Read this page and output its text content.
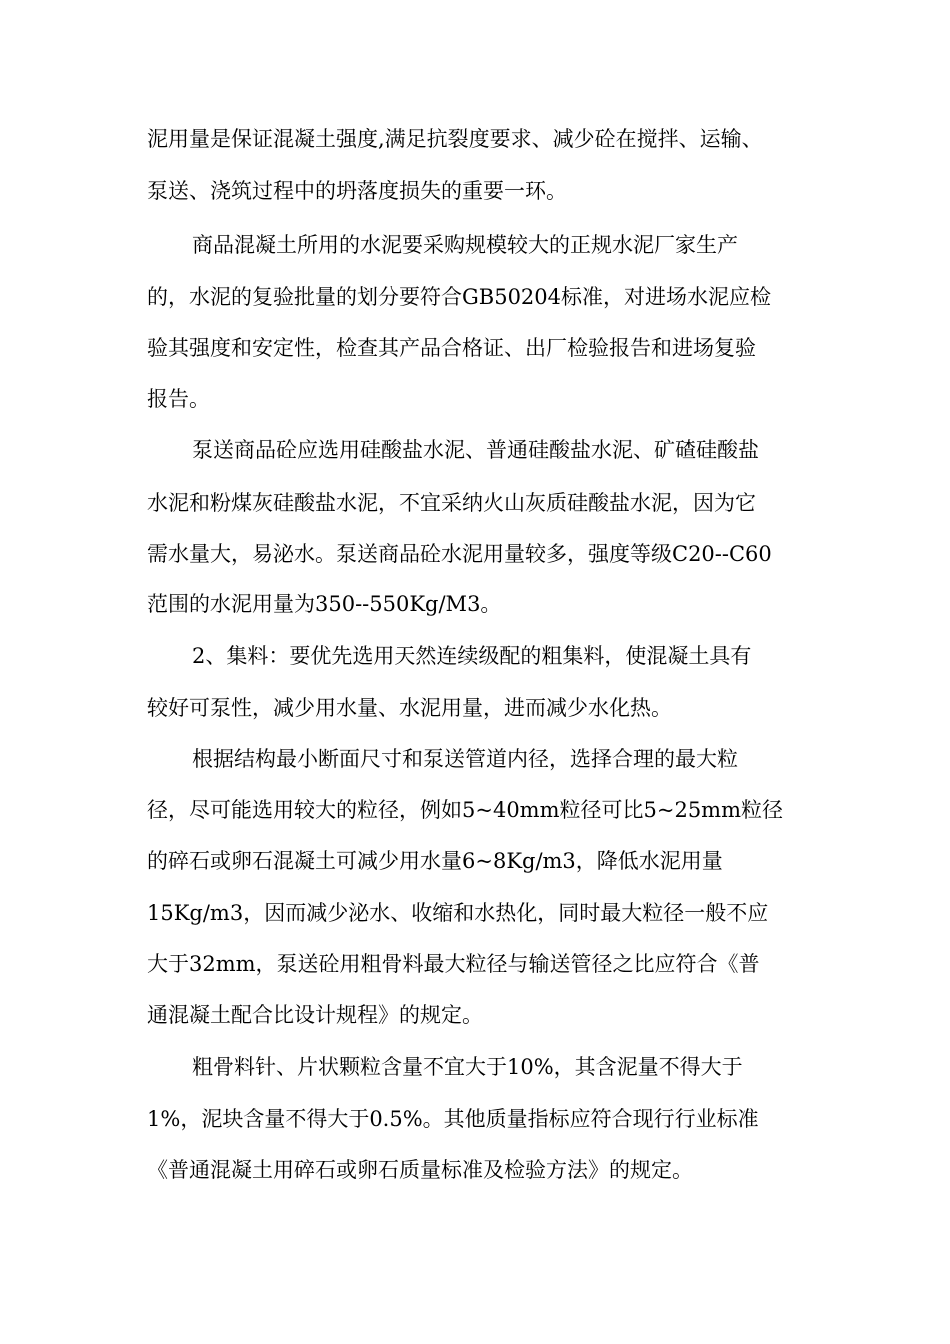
泥用量是保证混凝土强度,满足抗裂度要求、减少砼在搅拌、运输、
泵送、浇筑过程中的坍落度损失的重要一环。
商品混凝土所用的水泥要采购规模较大的正规水泥厂家生产
的，水泥的复验批量的划分要符合GB50204标准，对进场水泥应检
验其强度和安定性，检查其产品合格证、出厂检验报告和进场复验
报告。
泵送商品砼应选用硅酸盐水泥、普通硅酸盐水泥、矿碴硅酸盐
水泥和粉煤灰硅酸盐水泥，不宜采纳火山灰质硅酸盐水泥，因为它
需水量大，易泌水。泵送商品砼水泥用量较多，强度等级C20--C60
范围的水泥用量为350--550Kg/M3。
2、集料：要优先选用天然连续级配的粗集料，使混凝土具有
较好可泵性，减少用水量、水泥用量，进而减少水化热。
根据结构最小断面尺寸和泵送管道内径，选择合理的最大粒
径，尽可能选用较大的粒径，例如5~40mm粒径可比5~25mm粒径
的碎石或卵石混凝土可减少用水量6~8Kg/m3，降低水泥用量
15Kg/m3，因而减少泌水、收缩和水热化，同时最大粒径一般不应
大于32mm，泵送砼用粗骨料最大粒径与输送管径之比应符合《普
通混凝土配合比设计规程》的规定。
粗骨料针、片状颗粒含量不宜大于10%，其含泥量不得大于
1%，泥块含量不得大于0.5%。其他质量指标应符合现行行业标准
《普通混凝土用碎石或卵石质量标准及检验方法》的规定。
